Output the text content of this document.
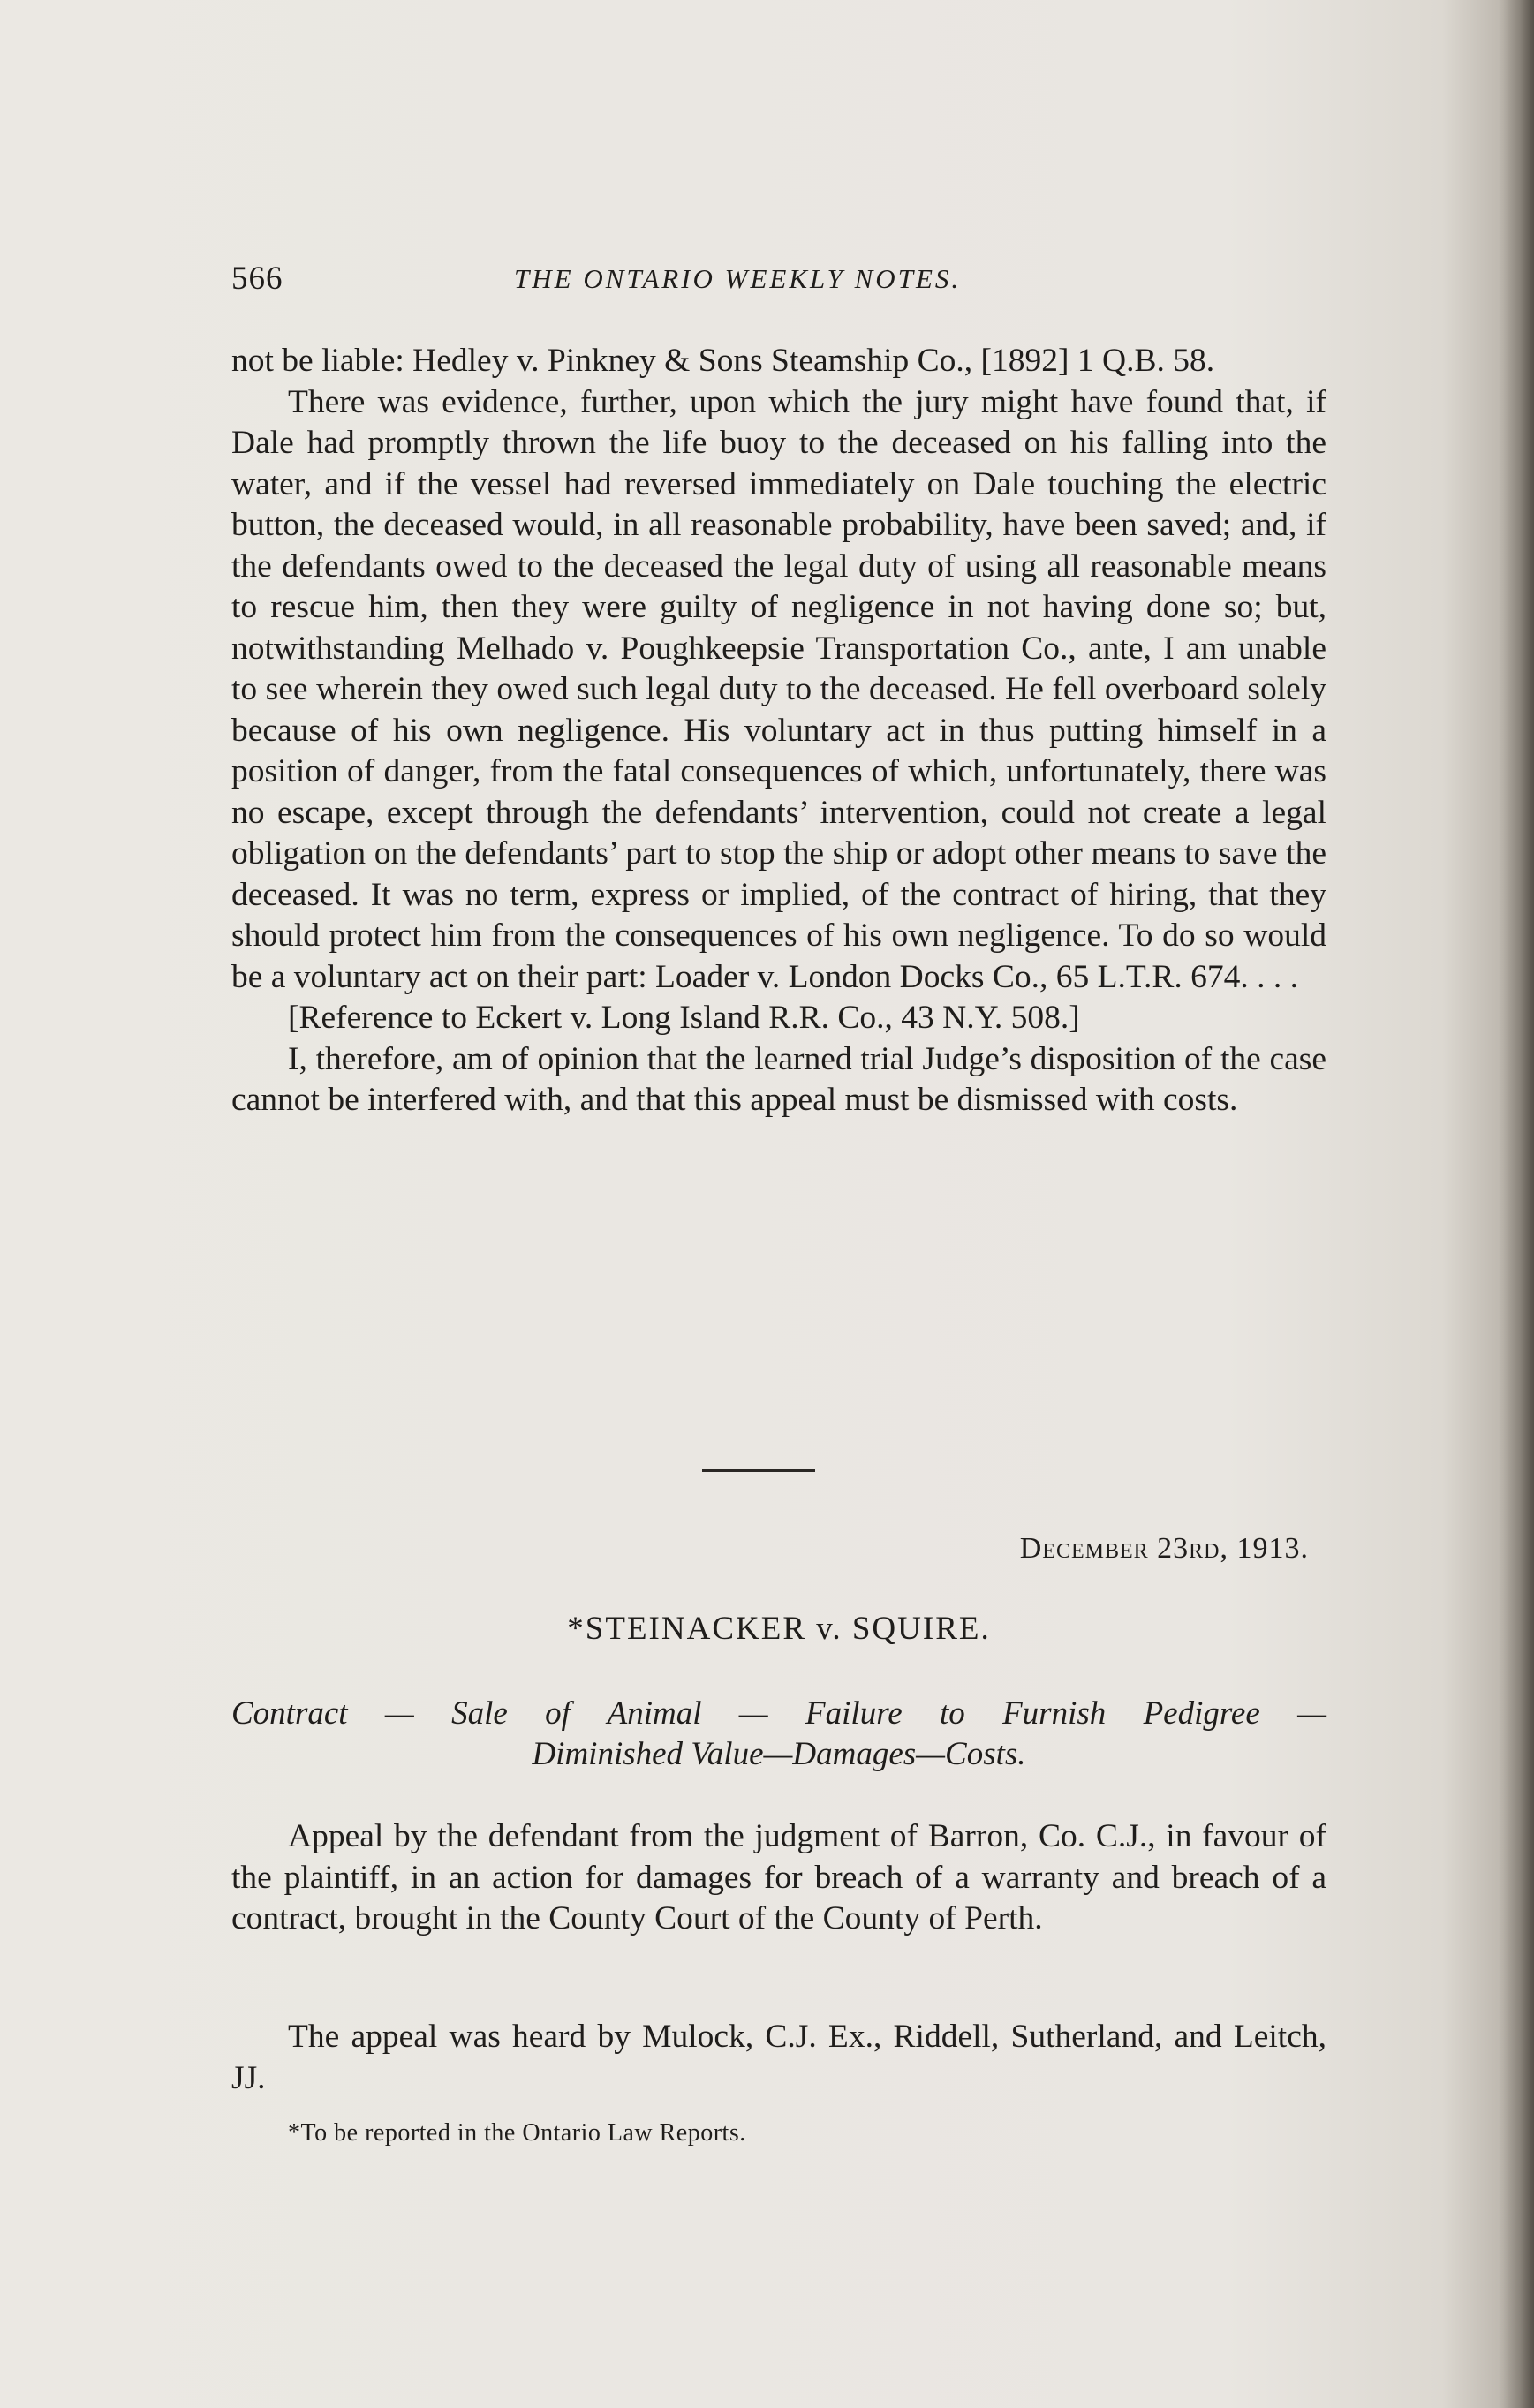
566	THE ONTARIO WEEKLY NOTES.

not be liable: Hedley v. Pinkney & Sons Steamship Co., [1892] 1 Q.B. 58.

There was evidence, further, upon which the jury might have found that, if Dale had promptly thrown the life buoy to the deceased on his falling into the water, and if the vessel had reversed immediately on Dale touching the electric button, the deceased would, in all reasonable probability, have been saved; and, if the defendants owed to the deceased the legal duty of using all reasonable means to rescue him, then they were guilty of negligence in not having done so; but, notwithstanding Melhado v. Poughkeepsie Transportation Co., ante, I am unable to see wherein they owed such legal duty to the deceased. He fell overboard solely because of his own negligence. His voluntary act in thus putting himself in a position of danger, from the fatal consequences of which, unfortunately, there was no escape, except through the defendants’ intervention, could not create a legal obligation on the defendants’ part to stop the ship or adopt other means to save the deceased. It was no term, express or implied, of the contract of hiring, that they should protect him from the consequences of his own negligence. To do so would be a voluntary act on their part: Loader v. London Docks Co., 65 L.T.R. 674. . . .

[Reference to Eckert v. Long Island R.R. Co., 43 N.Y. 508.]

I, therefore, am of opinion that the learned trial Judge’s disposition of the case cannot be interfered with, and that this appeal must be dismissed with costs.

December 23rd, 1913.
*STEINACKER v. SQUIRE.
Contract — Sale of Animal — Failure to Furnish Pedigree —
Diminished Value—Damages—Costs.

Appeal by the defendant from the judgment of Barron, Co. C.J., in favour of the plaintiff, in an action for damages for breach of a warranty and breach of a contract, brought in the County Court of the County of Perth.

The appeal was heard by Mulock, C.J. Ex., Riddell, Sutherland, and Leitch, JJ.

*To be reported in the Ontario Law Reports.
